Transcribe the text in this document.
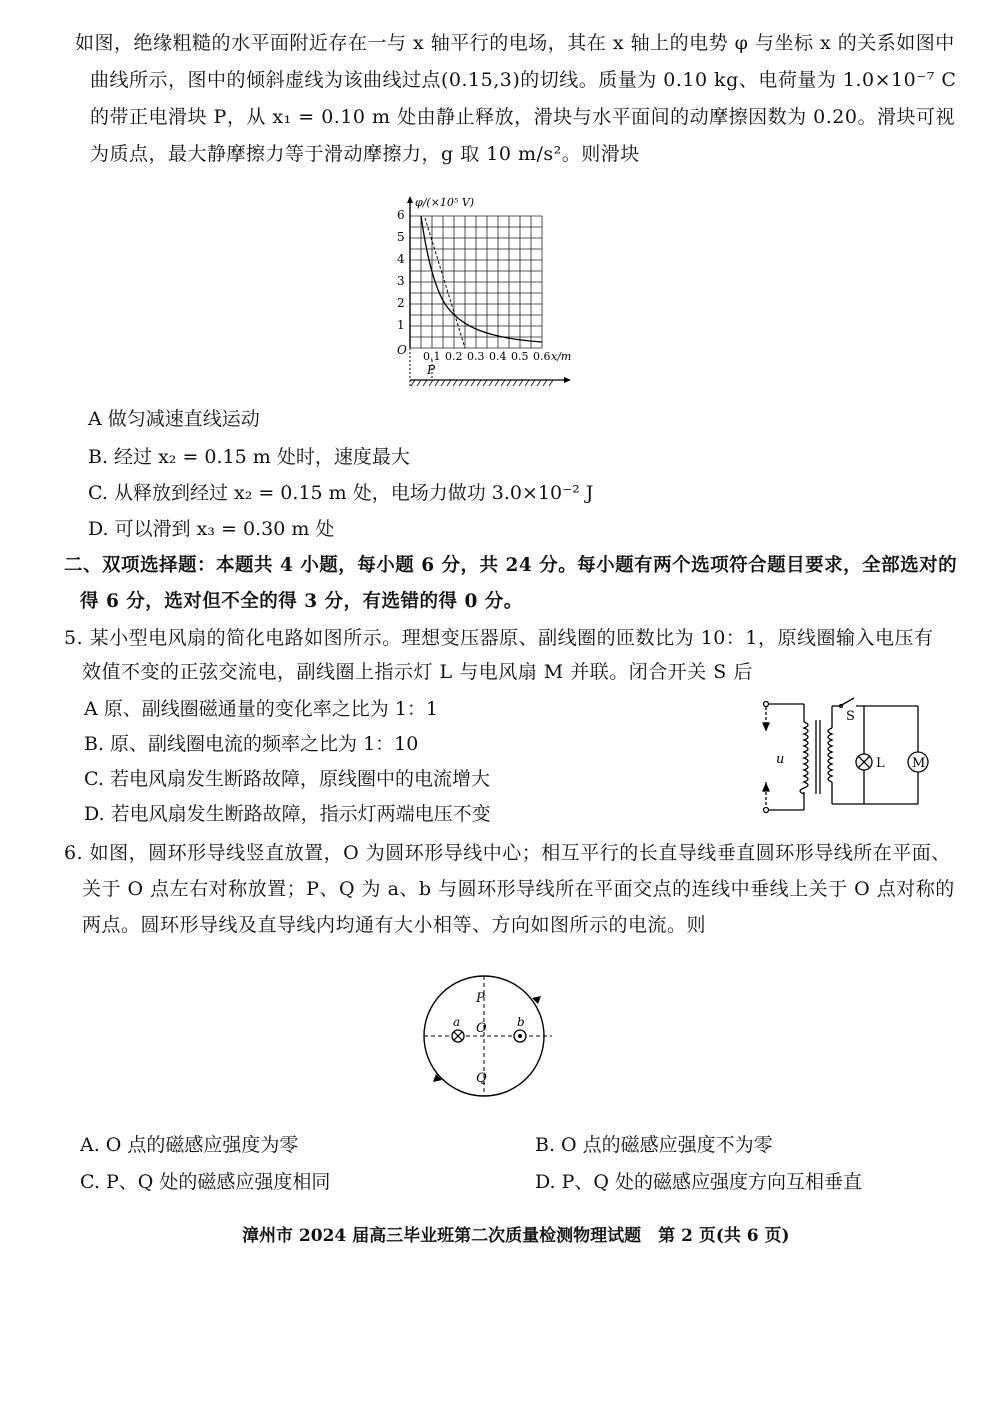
如图，绝缘粗糙的水平面附近存在一与 x 轴平行的电场，其在 x 轴上的电势 φ 与坐标 x 的关系如图中
曲线所示，图中的倾斜虚线为该曲线过点(0.15,3)的切线。质量为 0.10 kg、电荷量为 1.0×10⁻⁷ C
的带正电滑块 P，从 x₁ = 0.10 m 处由静止释放，滑块与水平面间的动摩擦因数为 0.20。滑块可视
为质点，最大静摩擦力等于滑动摩擦力，g 取 10 m/s²。则滑块
φ/(×10⁵ V)
6
5
4
3
2
1
O 0.1 0.2 0.3 0.4 0.5 0.6 x/m
P
A 做匀减速直线运动
B. 经过 x₂ = 0.15 m 处时，速度最大
C. 从释放到经过 x₂ = 0.15 m 处，电场力做功 3.0×10⁻² J
D. 可以滑到 x₃ = 0.30 m 处
二、双项选择题：本题共 4 小题，每小题 6 分，共 24 分。每小题有两个选项符合题目要求，全部选对的
得 6 分，选对但不全的得 3 分，有选错的得 0 分。
5. 某小型电风扇的简化电路如图所示。理想变压器原、副线圈的匝数比为 10：1，原线圈输入电压有
效值不变的正弦交流电，副线圈上指示灯 L 与电风扇 M 并联。闭合开关 S 后
A 原、副线圈磁通量的变化率之比为 1：1
B. 原、副线圈电流的频率之比为 1：10
C. 若电风扇发生断路故障，原线圈中的电流增大
D. 若电风扇发生断路故障，指示灯两端电压不变
u
S
L M
6. 如图，圆环形导线竖直放置，O 为圆环形导线中心；相互平行的长直导线垂直圆环形导线所在平面、
关于 O 点左右对称放置；P、Q 为 a、b 与圆环形导线所在平面交点的连线中垂线上关于 O 点对称的
两点。圆环形导线及直导线内均通有大小相等、方向如图所示的电流。则
P
Q
O
a	b
A. O 点的磁感应强度为零	B. O 点的磁感应强度不为零
C. P、Q 处的磁感应强度相同	D. P、Q 处的磁感应强度方向互相垂直
漳州市 2024 届高三毕业班第二次质量检测物理试题　第 2 页(共 6 页)
